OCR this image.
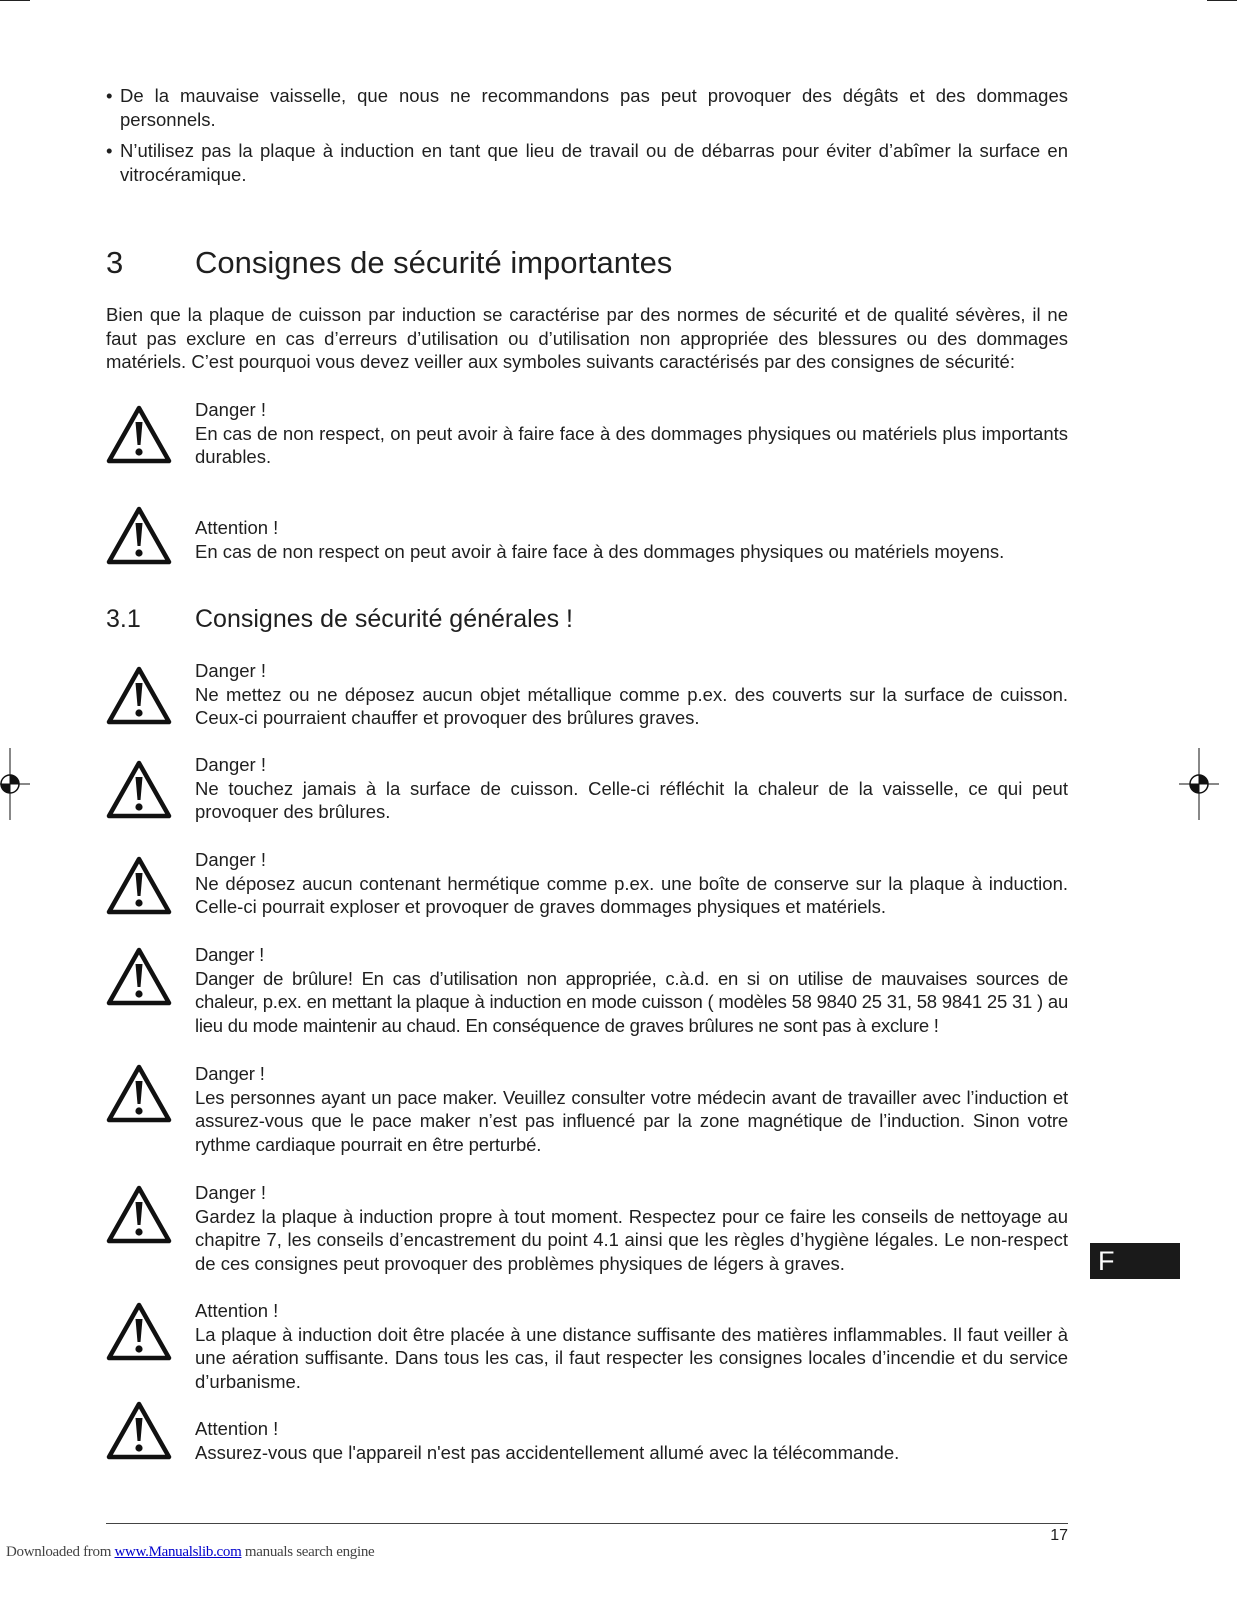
• De la mauvaise vaisselle, que nous ne recommandons pas peut provoquer des dégâts et des dommages personnels.
• N’utilisez pas la plaque à induction en tant que lieu de travail ou de débarras pour éviter d’abîmer la surface en vitrocéramique.
3 Consignes de sécurité importantes

Bien que la plaque de cuisson par induction se caractérise par des normes de sécurité et de qualité sévères, il ne faut pas exclure en cas d’erreurs d’utilisation ou d’utilisation non appropriée des blessures ou des dommages matériels. C’est pourquoi vous devez veiller aux symboles suivants caractérisés par des consignes de sécurité:

Danger !
En cas de non respect, on peut avoir à faire face à des dommages physiques ou matériels plus importants durables.
Attention !
En cas de non respect on peut avoir à faire face à des dommages physiques ou matériels moyens.
3.1 Consignes de sécurité générales !
Danger !
Ne mettez ou ne déposez aucun objet métallique comme p.ex. des couverts sur la surface de cuisson. Ceux-ci pourraient chauffer et provoquer des brûlures graves.
Danger !
Ne touchez jamais à la surface de cuisson. Celle-ci réfléchit la chaleur de la vaisselle, ce qui peut provoquer des brûlures.
Danger !
Ne déposez aucun contenant hermétique comme p.ex. une boîte de conserve sur la plaque à induction. Celle-ci pourrait exploser et provoquer de graves dommages physiques et matériels.
Danger !
Danger de brûlure! En cas d’utilisation non appropriée, c.à.d. en si on utilise de mauvaises sources de chaleur, p.ex. en mettant la plaque à induction en mode cuisson ( modèles 58 9840 25 31, 58 9841 25 31 ) au lieu du mode maintenir au chaud. En conséquence de graves brûlures ne sont pas à exclure !
Danger !
Les personnes ayant un pace maker. Veuillez consulter votre médecin avant de travailler avec l’induction et assurez-vous que le pace maker n’est pas influencé par la zone magnétique de l’induction. Sinon votre rythme cardiaque pourrait en être perturbé.
Danger !
Gardez la plaque à induction propre à tout moment. Respectez pour ce faire les conseils de nettoyage au chapitre 7, les conseils d’encastrement du point 4.1 ainsi que les règles d’hygiène légales. Le non-respect de ces consignes peut provoquer des problèmes physiques de légers à graves.
Attention !
La plaque à induction doit être placée à une distance suffisante des matières inflammables. Il faut veiller à une aération suffisante. Dans tous les cas, il faut respecter les consignes locales d’incendie et du service d’urbanisme.
Attention !
Assurez-vous que l'appareil n'est pas accidentellement allumé avec la télécommande.
F
17
Downloaded from www.Manualslib.com manuals search engine
